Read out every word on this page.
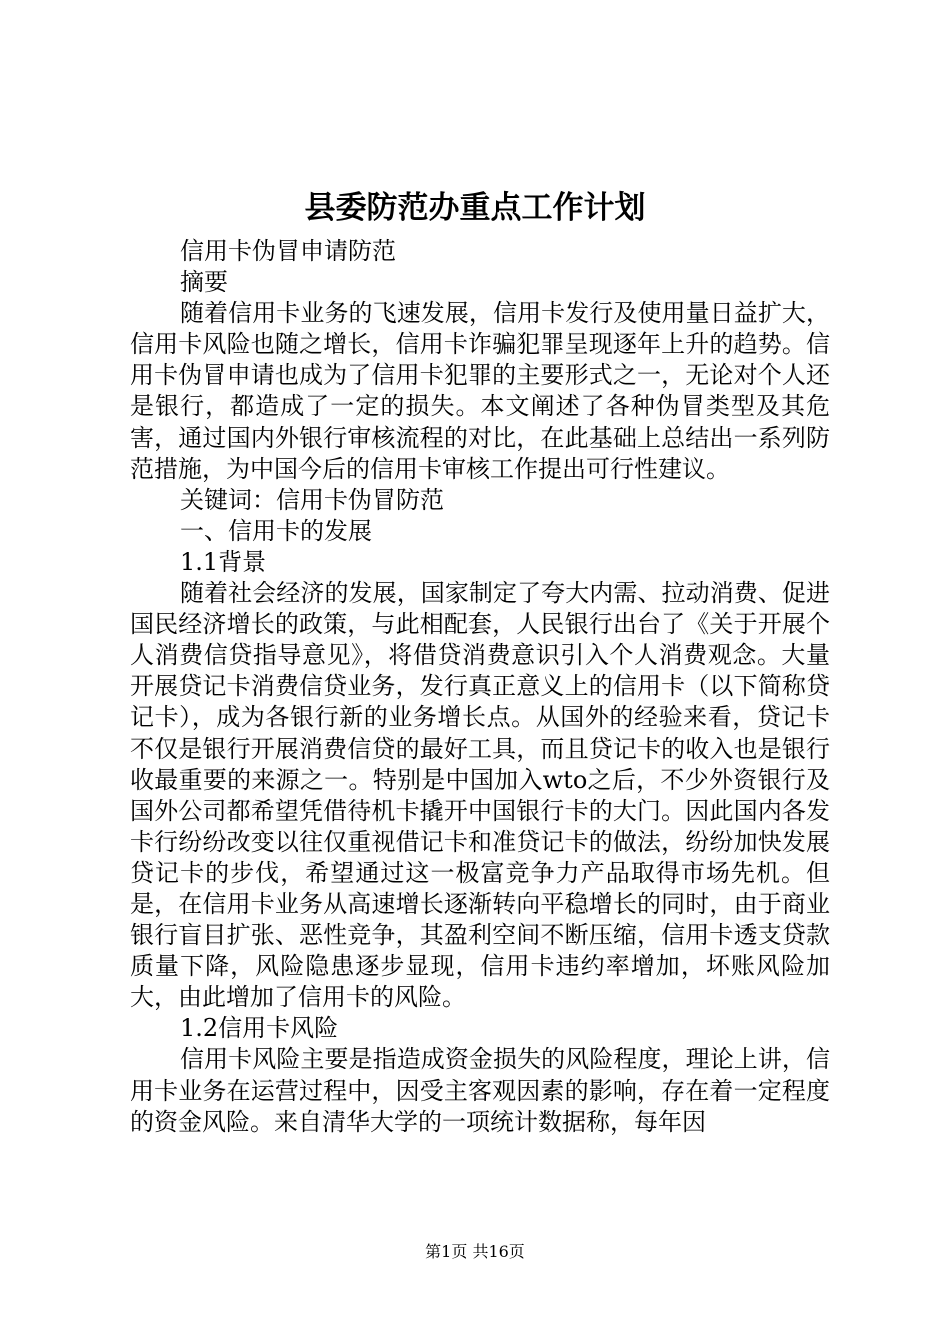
县委防范办重点工作计划

信用卡伪冒申请防范

摘要

随着信用卡业务的飞速发展，信用卡发行及使用量日益扩大，信用卡风险也随之增长，信用卡诈骗犯罪呈现逐年上升的趋势。信用卡伪冒申请也成为了信用卡犯罪的主要形式之一，无论对个人还是银行，都造成了一定的损失。本文阐述了各种伪冒类型及其危害，通过国内外银行审核流程的对比，在此基础上总结出一系列防范措施，为中国今后的信用卡审核工作提出可行性建议。

关键词：信用卡伪冒防范

一、信用卡的发展

1.1背景

随着社会经济的发展，国家制定了夸大内需、拉动消费、促进国民经济增长的政策，与此相配套，人民银行出台了《关于开展个人消费信贷指导意见》，将借贷消费意识引入个人消费观念。大量开展贷记卡消费信贷业务，发行真正意义上的信用卡（以下简称贷记卡），成为各银行新的业务增长点。从国外的经验来看，贷记卡不仅是银行开展消费信贷的最好工具，而且贷记卡的收入也是银行收最重要的来源之一。特别是中国加入wto之后，不少外资银行及国外公司都希望凭借待机卡撬开中国银行卡的大门。因此国内各发卡行纷纷改变以往仅重视借记卡和准贷记卡的做法，纷纷加快发展贷记卡的步伐，希望通过这一极富竞争力产品取得市场先机。但是，在信用卡业务从高速增长逐渐转向平稳增长的同时，由于商业银行盲目扩张、恶性竞争，其盈利空间不断压缩，信用卡透支贷款质量下降，风险隐患逐步显现，信用卡违约率增加，坏账风险加大，由此增加了信用卡的风险。

1.2信用卡风险

信用卡风险主要是指造成资金损失的风险程度，理论上讲，信用卡业务在运营过程中，因受主客观因素的影响，存在着一定程度的资金风险。来自清华大学的一项统计数据称，每年因

第1页 共16页
